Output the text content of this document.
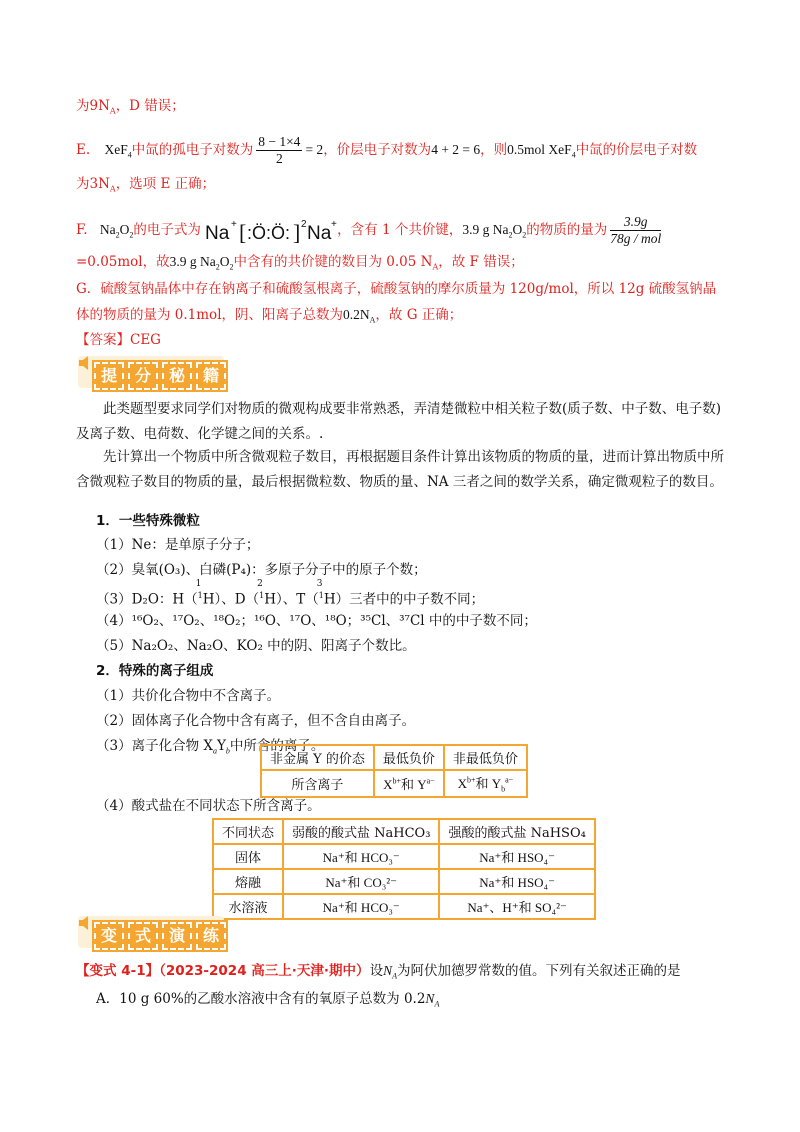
为$9N_A$，D 错误；
E. XeF$_4$中氙的孤电子对数为 $\frac{8 - 1\times 4}{2} = 2$，价层电子对数为4 + 2 = 6，则0.5mol XeF$_4$中氙的价层电子对数
为$3N_A$，选项 E 正确；
F. $Na_2O_2$的电子式为 Na + [ :Ö:Ö: ] 2 Na + ，含有 1 个共价键，3.9 g $Na_2O_2$的物质的量为 $\frac{3.9g}{\text{78g / mol}}$
=0.05mol，故3.9 g $Na_2O_2$中含有的共价键的数目为 0.05 $N_A$，故 F 错误；
G．硫酸氢钠晶体中存在钠离子和硫酸氢根离子，硫酸氢钠的摩尔质量为 120g/mol，所以 12g 硫酸氢钠晶
体的物质的量为 0.1mol，阴、阳离子总数为$0.2N_A$，故 G 正确；
【答案】CEG
提	分	秘	籍
此类题型要求同学们对物质的微观构成要非常熟悉，弄清楚微粒中相关粒子数(质子数、中子数、电子数)及离子数、电荷数、化学键之间的关系。.
先计算出一个物质中所含微观粒子数目，再根据题目条件计算出该物质的物质的量，进而计算出物质中所含微观粒子数目的物质的量，最后根据微粒数、物质的量、NA 三者之间的数学关系，确定微观粒子的数目。
1．一些特殊微粒
（1）Ne：是单原子分子；
（2）臭氧(O₃)、白磷(P₄)：多原子分子中的原子个数；
（3）D₂O：H（
1
$^1$H）、D（
2
$^1$H）、T（
3
$^1$H）三者中的中子数不同；
（4）¹⁶O₂、¹⁷O₂、¹⁸O₂；¹⁶O、¹⁷O、¹⁸O；³⁵Cl、³⁷Cl 中的中子数不同；
（5）Na₂O₂、Na₂O、KO₂ 中的阴、阳离子个数比。
2．特殊的离子组成
（1）共价化合物中不含离子。
（2）固体离子化合物中含有离子，但不含自由离子。
（3）离子化合物 $X_aY_b$中所含的离子。
非金属 Y 的价态	最低负价	非最低负价
所含离子	$X^{b+}$和 $Y^{a-}$	$X^{b+}$和 $Y_b^{a-}$
（4）酸式盐在不同状态下所含离子。
不同状态	弱酸的酸式盐 NaHCO₃	强酸的酸式盐 NaHSO₄
固体	Na⁺和 HCO₃⁻	Na⁺和 HSO₄⁻
熔融	Na⁺和 CO₃²⁻	Na⁺和 HSO₄⁻
水溶液	Na⁺和 HCO₃⁻	Na⁺、H⁺和 SO₄²⁻
变	式	演	练
【变式 4-1】（2023-2024 高三上·天津·期中）设$N_A$为阿伏加德罗常数的值。下列有关叙述正确的是
A．10 g 60%的乙酸水溶液中含有的氧原子总数为 $0.2N_A$
